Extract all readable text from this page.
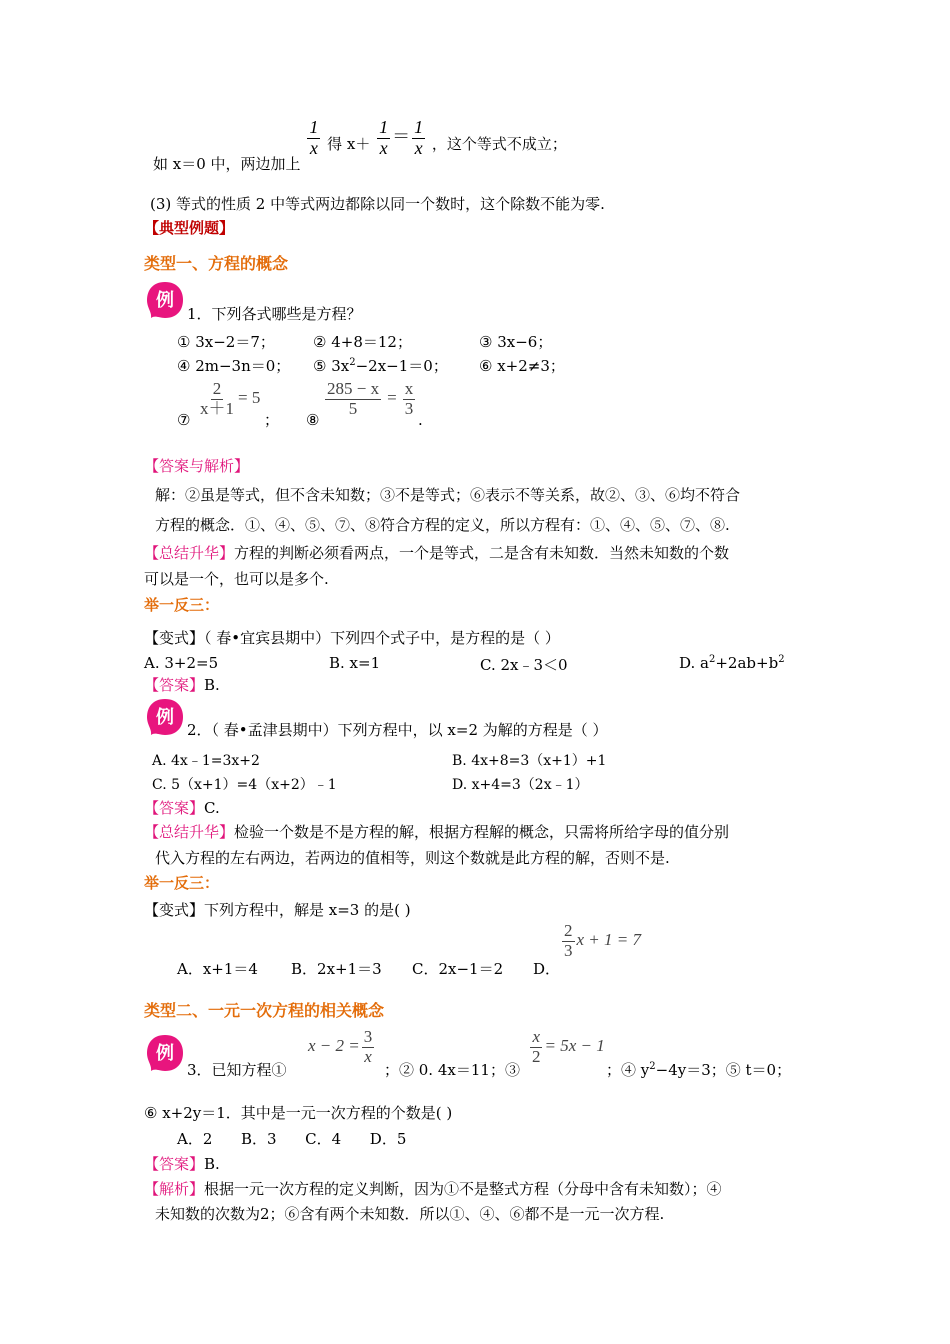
如 x＝0 中，两边加上
$\frac{1}{x}$ 得 $x+ \frac{1}{x} = \frac{1}{x}$ ，这个等式不成立；
(3) 等式的性质 2 中等式两边都除以同一个数时，这个除数不能为零.
【典型例题】
类型一、方程的概念
例
1．下列各式哪些是方程？
① 3x−2＝7；	② 4+8＝12；	③ 3x−6；
④ 2m−3n＝0； ⑤ $3x^2-2x-1=0$； ⑥ x+2≠3；
⑦
$\frac{2}{x+1} = 5$
； ⑧
$\frac{285 - x}{5} = \frac{x}{3}$
.
【答案与解析】
解：②虽是等式，但不含未知数；③不是等式；⑥表示不等关系，故②、③、⑥均不符合
方程的概念．①、④、⑤、⑦、⑧符合方程的定义，所以方程有：①、④、⑤、⑦、⑧.
【总结升华】方程的判断必须看两点，一个是等式，二是含有未知数．当然未知数的个数
可以是一个，也可以是多个.
举一反三：
【变式】（ 春•宜宾县期中）下列四个式子中，是方程的是（ ）
A. 3+2=5	B. x=1	C. 2x﹣3＜0	D. $a^2+2ab+b^2$
【答案】B.
例
2．（ 春•孟津县期中）下列方程中，以 x=2 为解的方程是（ ）
A. 4x﹣1=3x+2	B. 4x+8=3（x+1）+1
C. 5（x+1）=4（x+2）﹣1	D. x+4=3（2x﹣1）
【答案】C.
【总结升华】检验一个数是不是方程的解，根据方程解的概念，只需将所给字母的值分别
代入方程的左右两边，若两边的值相等，则这个数就是此方程的解，否则不是.
举一反三：
【变式】下列方程中，解是 x=3 的是( )
A．x+1＝4 B．2x+1＝3 C．2x−1＝2 D．
$\frac{2}{3}$ x + 1 = 7
类型二、一元一次方程的相关概念
例
3．已知方程①
$x - 2 = \frac{3}{x}$
；② 0. 4x＝11；③
$\frac{x}{2} = 5x - 1$
；④ $y^2-4y=3$；⑤ t＝0；
⑥ x+2y＝1．其中是一元一次方程的个数是( )
A．2      B．3      C．4      D．5
【答案】B.
【解析】根据一元一次方程的定义判断，因为①不是整式方程（分母中含有未知数）；④
未知数的次数为2；⑥含有两个未知数．所以①、④、⑥都不是一元一次方程.
